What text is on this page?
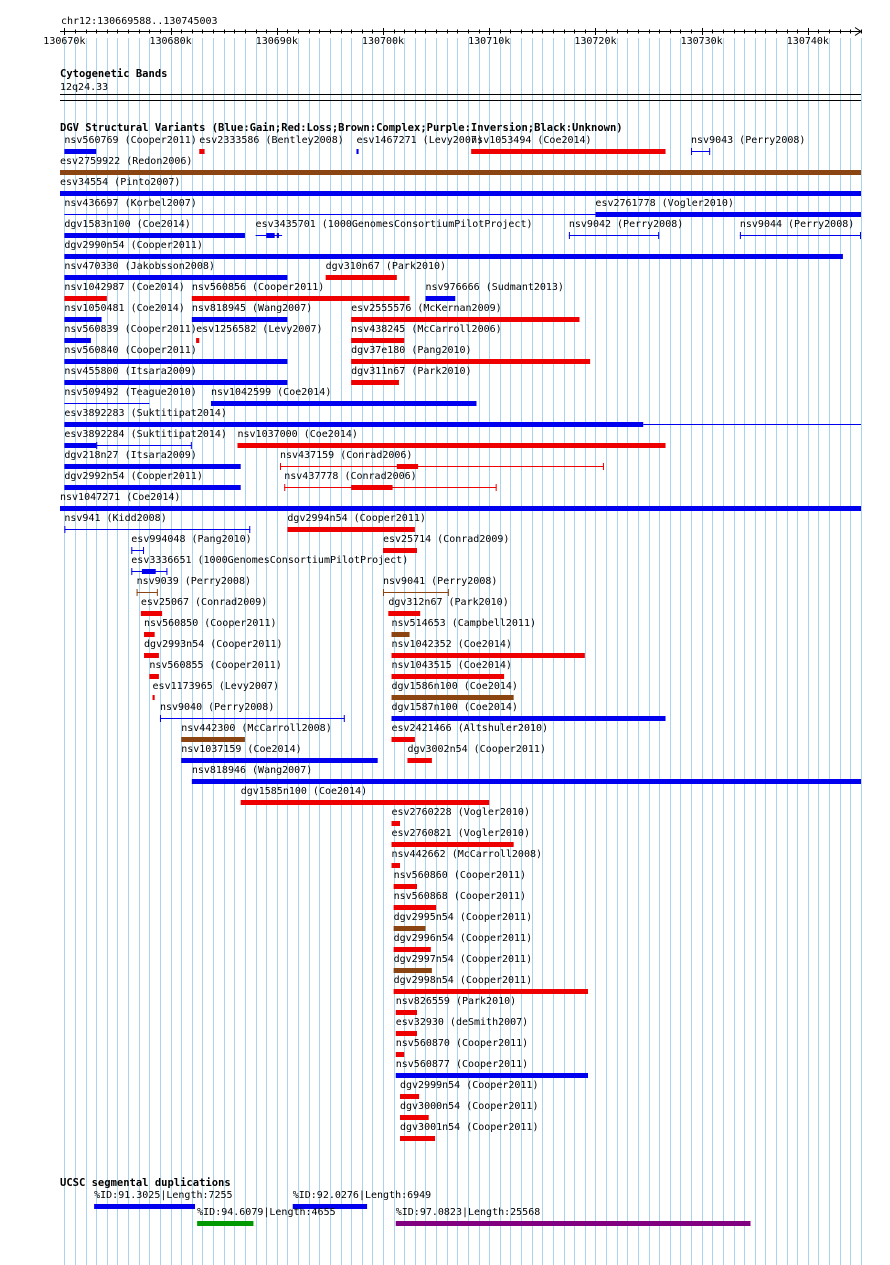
chr12:130669588..130745003
130670k	130680k	130690k	130700k	130710k	130720k	130730k	130740k
Cytogenetic Bands
12q24.33
DGV Structural Variants (Blue:Gain;Red:Loss;Brown:Complex;Purple:Inversion;Black:Unknown)
nsv560769 (Cooper2011) esv2333586 (Bentley2008) esv1467271 (Levy2007)
nsv1053494 (Coe2014)	nsv9043 (Perry2008)
esv2759922 (Redon2006)
esv34554 (Pinto2007)
nsv436697 (Korbel2007)	esv2761778 (Vogler2010)
dgv1583n100 (Coe2014)	esv3435701 (1000GenomesConsortiumPilotProject)	nsv9042 (Perry2008)	nsv9044 (Perry2008)
dgv2990n54 (Cooper2011)
nsv470330 (Jakobsson2008)	dgv310n67 (Park2010)
nsv1042987 (Coe2014) nsv560856 (Cooper2011)	nsv976666 (Sudmant2013)
nsv1050481 (Coe2014) nsv818945 (Wang2007)	esv2555576 (McKernan2009)
nsv560839 (Cooper2011) esv1256582 (Levy2007)	nsv438245 (McCarroll2006)
nsv560840 (Cooper2011)	dgv37e180 (Pang2010)
nsv455800 (Itsara2009)	dgv311n67 (Park2010)
nsv509492 (Teague2010) nsv1042599 (Coe2014)
esv3892283 (Suktitipat2014)
esv3892284 (Suktitipat2014) nsv1037000 (Coe2014)
dgv218n27 (Itsara2009)	nsv437159 (Conrad2006)
dgv2992n54 (Cooper2011)	nsv437778 (Conrad2006)
nsv1047271 (Coe2014)
nsv941 (Kidd2008)	dgv2994n54 (Cooper2011)
esv994048 (Pang2010)	esv25714 (Conrad2009)
esv3336651 (1000GenomesConsortiumPilotProject)
nsv9039 (Perry2008)	nsv9041 (Perry2008)
esv25067 (Conrad2009)	dgv312n67 (Park2010)
nsv560850 (Cooper2011)	nsv514653 (Campbell2011)
dgv2993n54 (Cooper2011)	nsv1042352 (Coe2014)
nsv560855 (Cooper2011)	nsv1043515 (Coe2014)
esv1173965 (Levy2007)	dgv1586n100 (Coe2014)
nsv9040 (Perry2008)	dgv1587n100 (Coe2014)
nsv442300 (McCarroll2008)	esv2421466 (Altshuler2010)
nsv1037159 (Coe2014)	dgv3002n54 (Cooper2011)
nsv818946 (Wang2007)
dgv1585n100 (Coe2014)
esv2760228 (Vogler2010)
esv2760821 (Vogler2010)
nsv442662 (McCarroll2008)
nsv560860 (Cooper2011)
nsv560868 (Cooper2011)
dgv2995n54 (Cooper2011)
dgv2996n54 (Cooper2011)
dgv2997n54 (Cooper2011)
dgv2998n54 (Cooper2011)
nsv826559 (Park2010)
esv32930 (deSmith2007)
nsv560870 (Cooper2011)
nsv560877 (Cooper2011)
dgv2999n54 (Cooper2011)
dgv3000n54 (Cooper2011)
dgv3001n54 (Cooper2011)
UCSC segmental duplications
%ID:91.3025|Length:7255	%ID:92.0276|Length:6949
%ID:94.6079|Length:4655	%ID:97.0823|Length:25568
